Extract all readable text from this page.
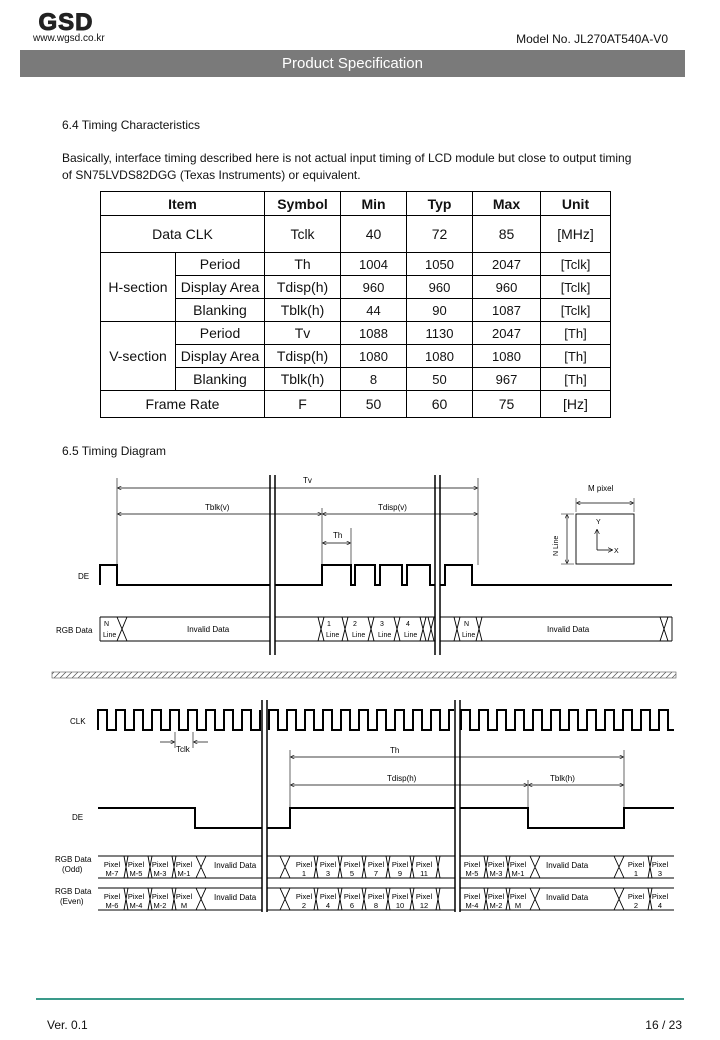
GSD
www.wgsd.co.kr	Model No. JL270AT540A-V0
Product Specification
6.4 Timing Characteristics
Basically, interface timing described here is not actual input timing of LCD module but close to output timing of SN75LVDS82DGG (Texas Instruments) or equivalent.
Item		Symbol	Min	Typ	Max	Unit
Data CLK		Tclk	40	72	85	[MHz]
H-section	Period	Th	1004	1050	2047	[Tclk]
	Display Area	Tdisp(h)	960	960	960	[Tclk]
	Blanking	Tblk(h)	44	90	1087	[Tclk]
V-section	Period	Tv	1088	1130	2047	[Th]
	Display Area	Tdisp(h)	1080	1080	1080	[Th]
	Blanking	Tblk(h)	8	50	967	[Th]
Frame Rate		F	50	60	75	[Hz]
6.5 Timing Diagram
Tv
Tblk(v)	Tdisp(v)
Th
DE
RGB Data
N
Line
Invalid Data
1
Line
2
Line
3
Line
4
Line
N
Line
Invalid Data
M pixel
N Line
Y
X
CLK
Tclk	Th
Tdisp(h)	Tblk(h)
DE
RGB Data
(Odd)
RGB Data
(Even)
Invalid Data	Invalid Data
Invalid Data	Invalid Data
Pixel
M-7
Pixel
M-5
Pixel
M-3
Pixel
M-1
Pixel
1
Pixel
3
Pixel
5
Pixel
7
Pixel
9
Pixel
11
Pixel
M-5
Pixel
M-3
Pixel
M-1
Pixel
1
Pixel
3
Pixel
M-6
Pixel
M-4
Pixel
M-2
Pixel
M
Pixel
2
Pixel
4
Pixel
6
Pixel
8
Pixel
10
Pixel
12
Pixel
M-4
Pixel
M-2
Pixel
M
Pixel
2
Pixel
4
Ver. 0.1	16 / 23
